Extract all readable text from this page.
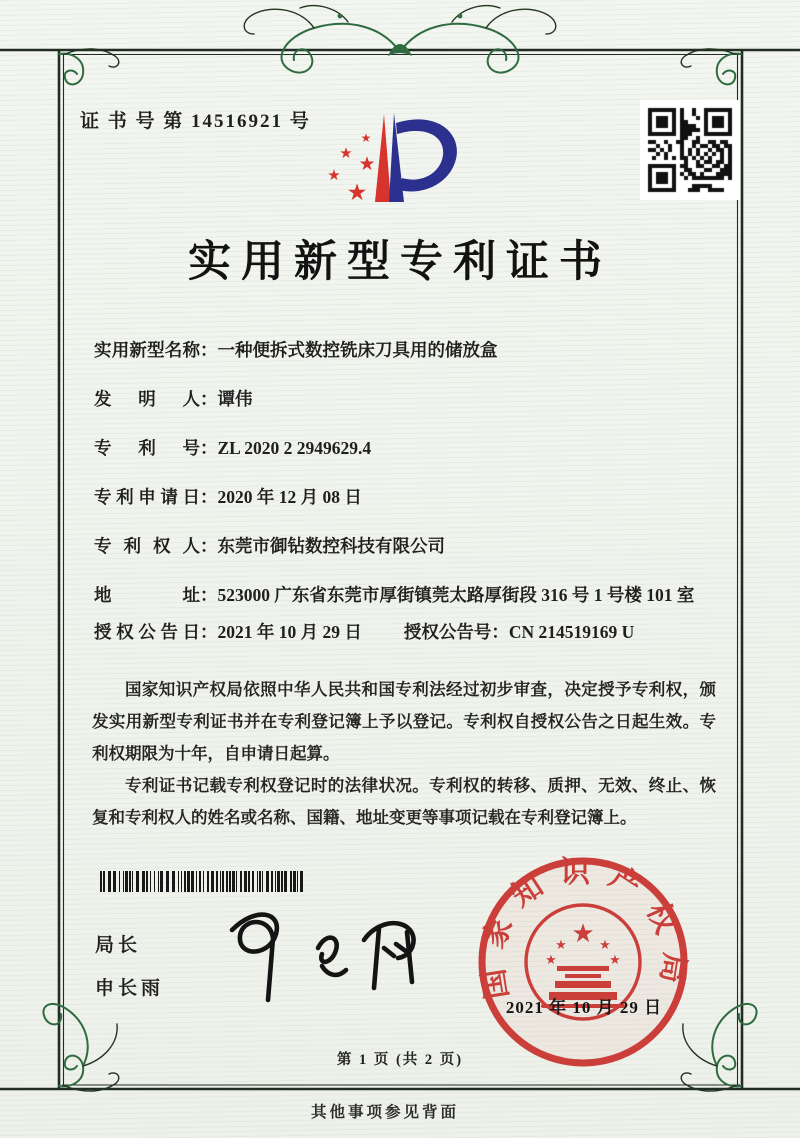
证 书 号 第 14516921 号
★
★ ★
★
★
实用新型专利证书
实用新型名称 ： 一种便拆式数控铣床刀具用的储放盒
发 明 人 ： 谭伟
专 利 号 ： ZL 2020 2 2949629.4
专利申请日 ： 2020 年 12 月 08 日
专 利 权 人 ： 东莞市御钻数控科技有限公司
地 址 ： 523000 广东省东莞市厚街镇莞太路厚街段 316 号 1 号楼 101 室
授权公告日 ： 2021 年 10 月 29 日 授权公告号 ： CN 214519169 U

国家知识产权局依照中华人民共和国专利法经过初步审查，决定授予专利权，颁发实用新型专利证书并在专利登记簿上予以登记。专利权自授权公告之日起生效。专利权期限为十年，自申请日起算。

专利证书记载专利权登记时的法律状况。专利权的转移、质押、无效、终止、恢复和专利权人的姓名或名称、国籍、地址变更等事项记载在专利登记簿上。

局长
申长雨	国家知识产权局
★
★ ★
★	★
2021 年 10 月 29 日
第 1 页 (共 2 页)
其他事项参见背面
